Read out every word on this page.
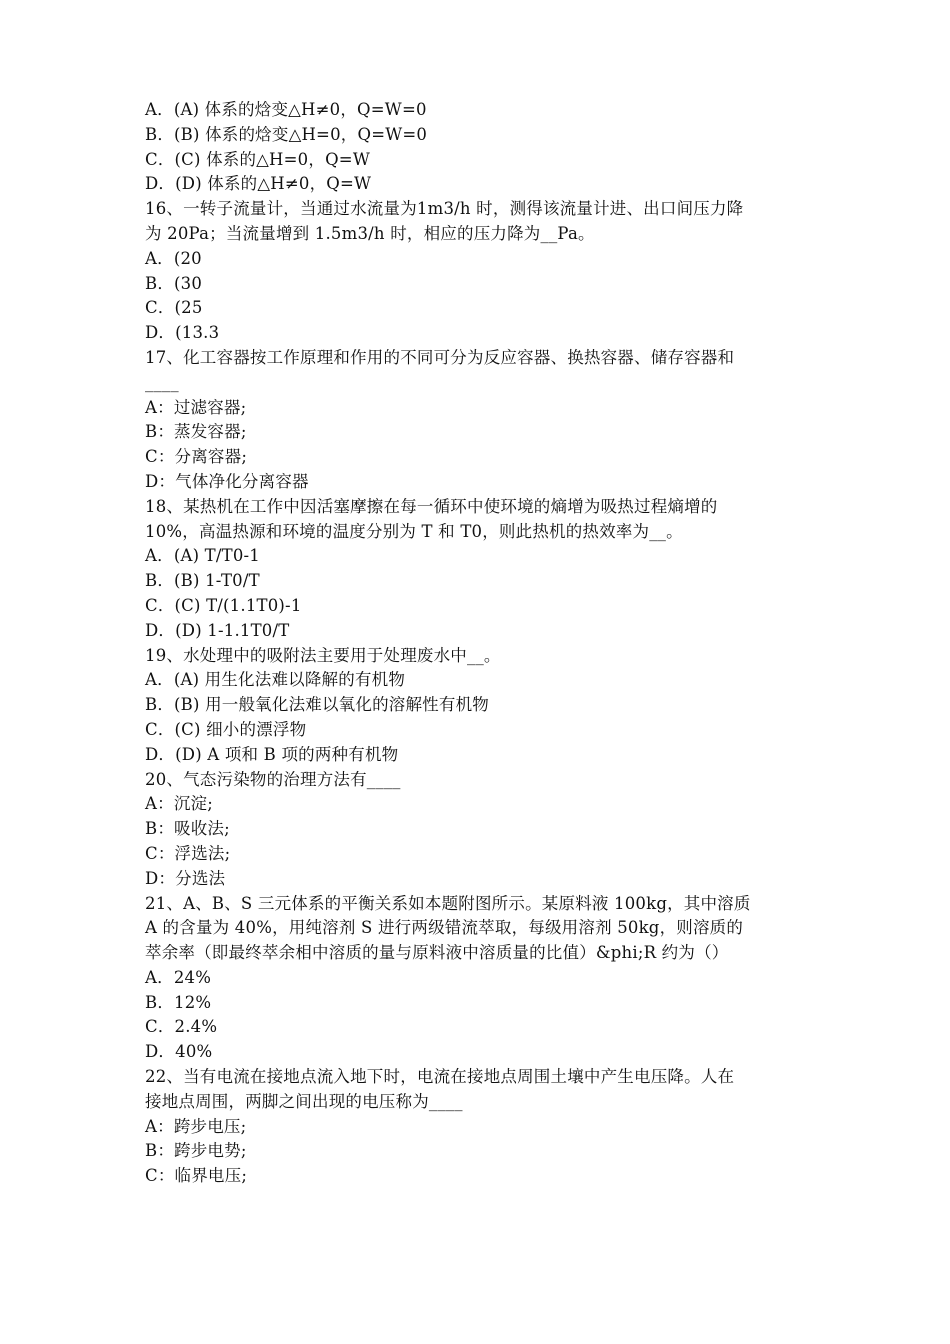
A．(A) 体系的焓变△H≠0，Q=W=0
B．(B) 体系的焓变△H=0，Q=W=0
C．(C) 体系的△H=0，Q=W
D．(D) 体系的△H≠0，Q=W
16、一转子流量计，当通过水流量为1m3/h 时，测得该流量计进、出口间压力降
为 20Pa；当流量增到 1.5m3/h 时，相应的压力降为__Pa。
A．(20
B．(30
C．(25
D．(13.3
17、化工容器按工作原理和作用的不同可分为反应容器、换热容器、储存容器和
____
A：过滤容器;
B：蒸发容器;
C：分离容器;
D：气体净化分离容器
18、某热机在工作中因活塞摩擦在每一循环中使环境的熵增为吸热过程熵增的
10%，高温热源和环境的温度分别为 T 和 T0，则此热机的热效率为__。
A．(A) T/T0-1
B．(B) 1-T0/T
C．(C) T/(1.1T0)-1
D．(D) 1-1.1T0/T
19、水处理中的吸附法主要用于处理废水中__。
A．(A) 用生化法难以降解的有机物
B．(B) 用一般氧化法难以氧化的溶解性有机物
C．(C) 细小的漂浮物
D．(D) A 项和 B 项的两种有机物
20、气态污染物的治理方法有____
A：沉淀;
B：吸收法;
C：浮选法;
D：分选法
21、A、B、S 三元体系的平衡关系如本题附图所示。某原料液 100kg，其中溶质
A 的含量为 40%，用纯溶剂 S 进行两级错流萃取，每级用溶剂 50kg，则溶质的
萃余率（即最终萃余相中溶质的量与原料液中溶质量的比值）&phi;R 约为（）
A．24%
B．12%
C．2.4%
D．40%
22、当有电流在接地点流入地下时，电流在接地点周围土壤中产生电压降。人在
接地点周围，两脚之间出现的电压称为____
A：跨步电压;
B：跨步电势;
C：临界电压;
